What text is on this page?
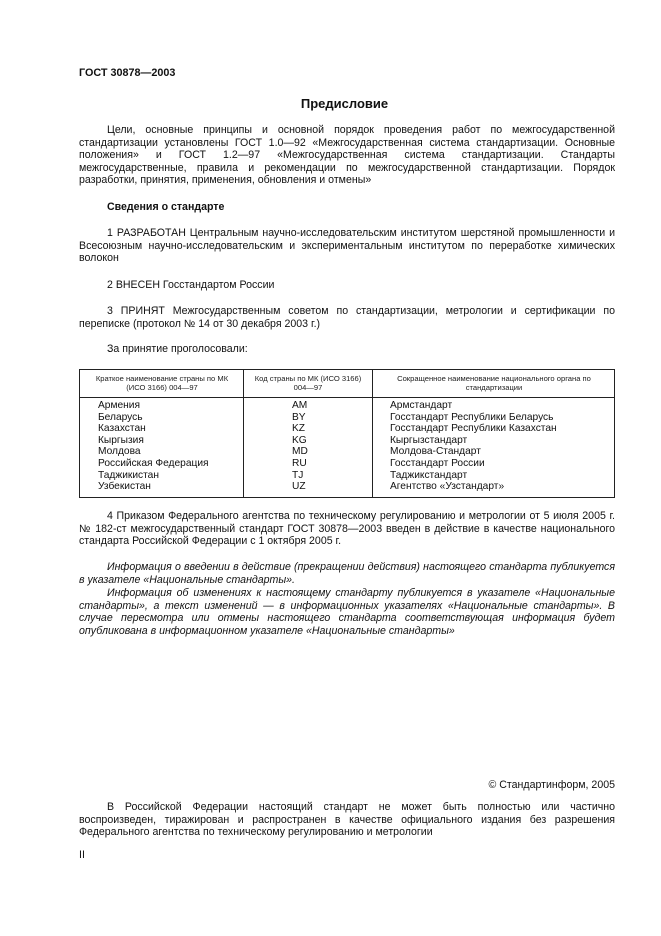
ГОСТ 30878—2003
Предисловие

Цели, основные принципы и основной порядок проведения работ по межгосударственной стандартизации установлены ГОСТ 1.0—92 «Межгосударственная система стандартизации. Основные положения» и ГОСТ 1.2—97 «Межгосударственная система стандартизации. Стандарты межгосударственные, правила и рекомендации по межгосударственной стандартизации. Порядок разработки, принятия, применения, обновления и отмены»

Сведения о стандарте

1 РАЗРАБОТАН Центральным научно-исследовательским институтом шерстяной промышленности и Всесоюзным научно-исследовательским и экспериментальным институтом по переработке химических волокон

2 ВНЕСЕН Госстандартом России

3 ПРИНЯТ Межгосударственным советом по стандартизации, метрологии и сертификации по переписке (протокол № 14 от 30 декабря 2003 г.)

За принятие проголосовали:

Краткое наименование страны по МК (ИСО 3166) 004—97
Код страны по МК (ИСО 3166) 004—97
Сокращенное наименование национального органа по стандартизации
Армения
Беларусь
Казахстан
Кыргызия
Молдова
Российская Федерация
Таджикистан
Узбекистан
AM
BY
KZ
KG
MD
RU
TJ
UZ
Армстандарт
Госстандарт Республики Беларусь
Госстандарт Республики Казахстан
Кыргызстандарт
Молдова-Стандарт
Госстандарт России
Таджикстандарт
Агентство «Узстандарт»

4 Приказом Федерального агентства по техническому регулированию и метрологии от 5 июля 2005 г. № 182-ст межгосударственный стандарт ГОСТ 30878—2003 введен в действие в качестве национального стандарта Российской Федерации с 1 октября 2005 г.

Информация о введении в действие (прекращении действия) настоящего стандарта публикуется в указателе «Национальные стандарты».

Информация об изменениях к настоящему стандарту публикуется в указателе «Национальные стандарты», а текст изменений — в информационных указателях «Национальные стандарты». В случае пересмотра или отмены настоящего стандарта соответствующая информация будет опубликована в информационном указателе «Национальные стандарты»

© Стандартинформ, 2005

В Российской Федерации настоящий стандарт не может быть полностью или частично воспроизведен, тиражирован и распространен в качестве официального издания без разрешения Федерального агентства по техническому регулированию и метрологии

II
